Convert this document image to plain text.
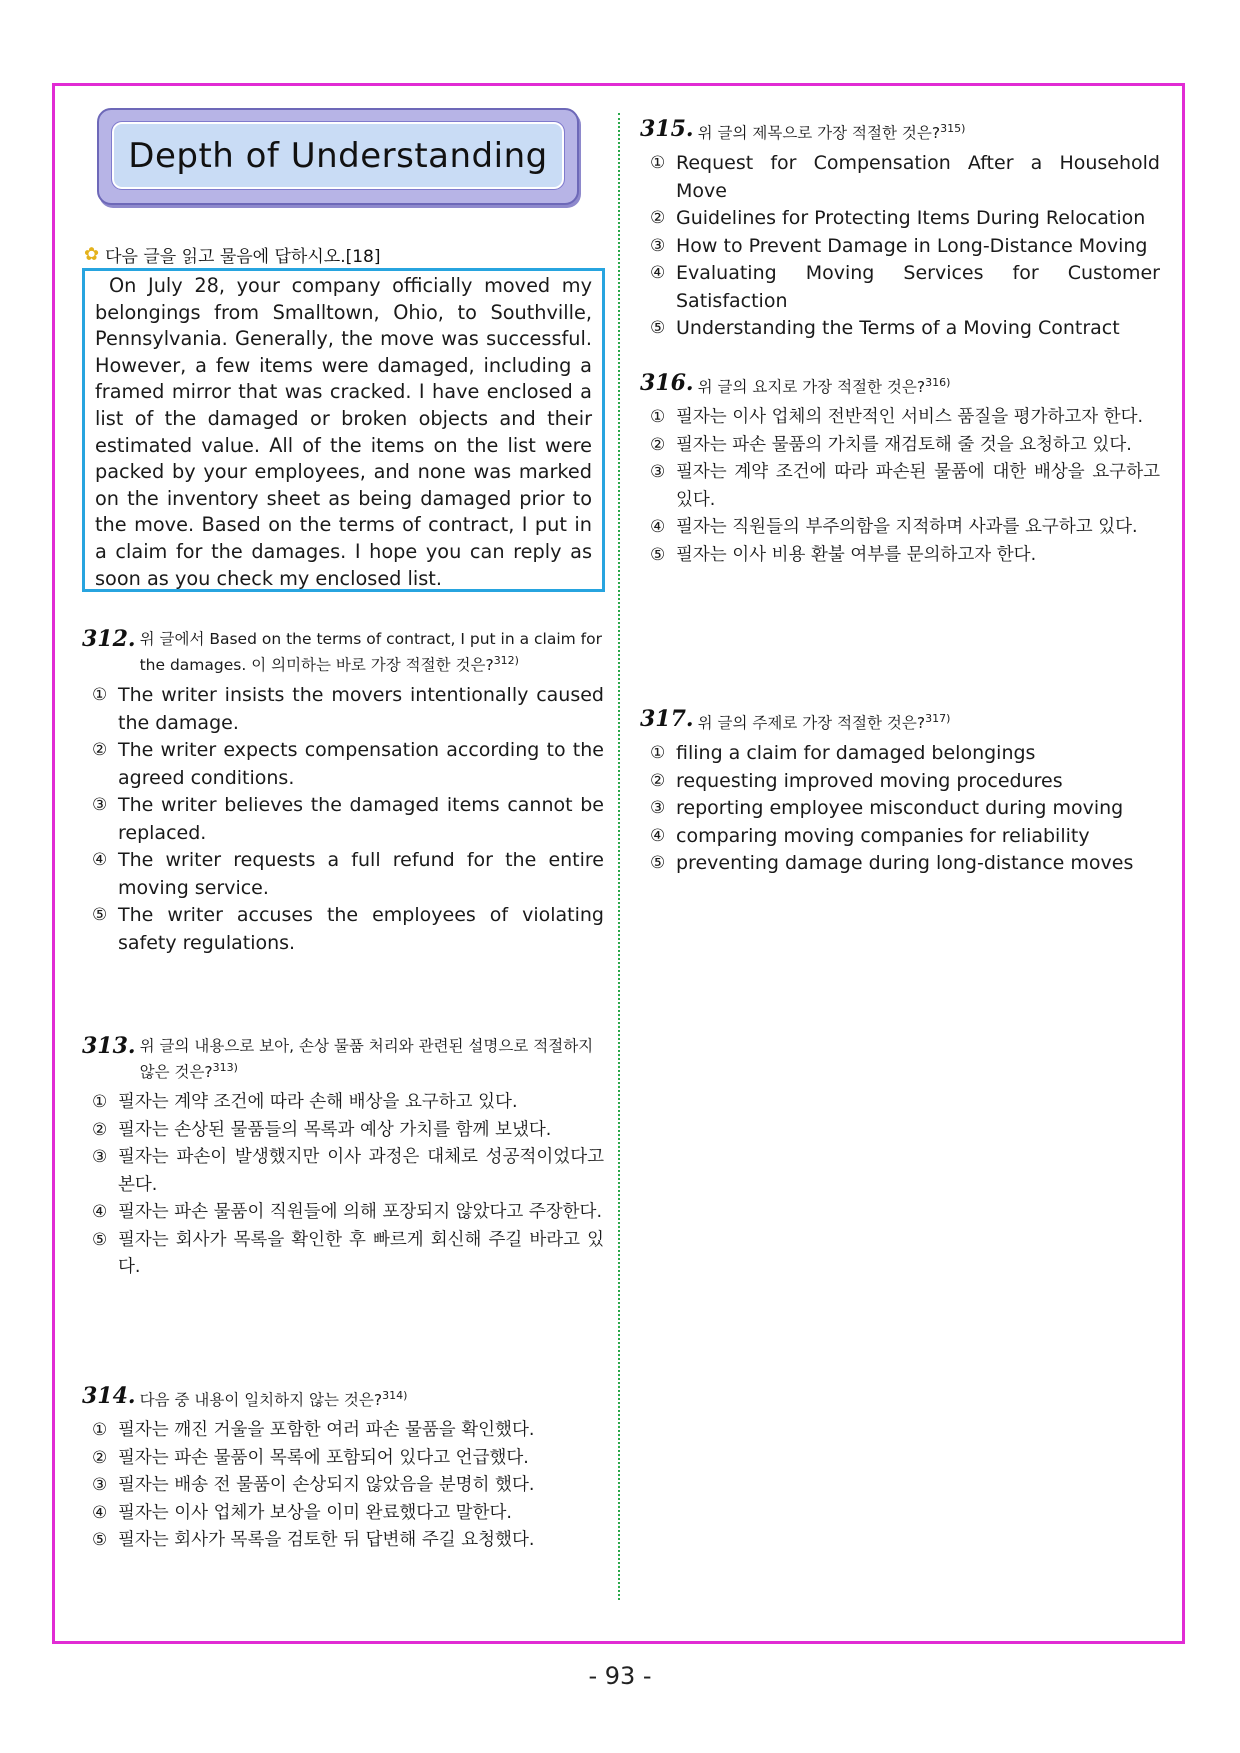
Depth of Understanding
✿ 다음 글을 읽고 물음에 답하시오.[18]

On July 28, your company officially moved my belongings from Smalltown, Ohio, to Southville, Pennsylvania. Generally, the move was successful. However, a few items were damaged, including a framed mirror that was cracked. I have enclosed a list of the damaged or broken objects and their estimated value. All of the items on the list were packed by your employees, and none was marked on the inventory sheet as being damaged prior to the move. Based on the terms of contract, I put in a claim for the damages. I hope you can reply as soon as you check my enclosed list.

312. 위 글에서 Based on the terms of contract, I put in a claim for the damages. 이 의미하는 바로 가장 적절한 것은?$^{312)}$
① The writer insists the movers intentionally caused the damage.
② The writer expects compensation according to the agreed conditions.
③ The writer believes the damaged items cannot be replaced.
④ The writer requests a full refund for the entire moving service.
⑤ The writer accuses the employees of violating safety regulations.
313. 위 글의 내용으로 보아, 손상 물품 처리와 관련된 설명으로 적절하지 않은 것은?$^{313)}$
① 필자는 계약 조건에 따라 손해 배상을 요구하고 있다.
② 필자는 손상된 물품들의 목록과 예상 가치를 함께 보냈다.
③ 필자는 파손이 발생했지만 이사 과정은 대체로 성공적이었다고 본다.
④ 필자는 파손 물품이 직원들에 의해 포장되지 않았다고 주장한다.
⑤ 필자는 회사가 목록을 확인한 후 빠르게 회신해 주길 바라고 있다.
314. 다음 중 내용이 일치하지 않는 것은?$^{314)}$
① 필자는 깨진 거울을 포함한 여러 파손 물품을 확인했다.
② 필자는 파손 물품이 목록에 포함되어 있다고 언급했다.
③ 필자는 배송 전 물품이 손상되지 않았음을 분명히 했다.
④ 필자는 이사 업체가 보상을 이미 완료했다고 말한다.
⑤ 필자는 회사가 목록을 검토한 뒤 답변해 주길 요청했다.
315. 위 글의 제목으로 가장 적절한 것은?$^{315)}$
① Request for Compensation After a Household Move
② Guidelines for Protecting Items During Relocation
③ How to Prevent Damage in Long-Distance Moving
④ Evaluating Moving Services for Customer Satisfaction
⑤ Understanding the Terms of a Moving Contract
316. 위 글의 요지로 가장 적절한 것은?$^{316)}$
① 필자는 이사 업체의 전반적인 서비스 품질을 평가하고자 한다.
② 필자는 파손 물품의 가치를 재검토해 줄 것을 요청하고 있다.
③ 필자는 계약 조건에 따라 파손된 물품에 대한 배상을 요구하고 있다.
④ 필자는 직원들의 부주의함을 지적하며 사과를 요구하고 있다.
⑤ 필자는 이사 비용 환불 여부를 문의하고자 한다.
317. 위 글의 주제로 가장 적절한 것은?$^{317)}$
① filing a claim for damaged belongings
② requesting improved moving procedures
③ reporting employee misconduct during moving
④ comparing moving companies for reliability
⑤ preventing damage during long-distance moves
- 93 -
